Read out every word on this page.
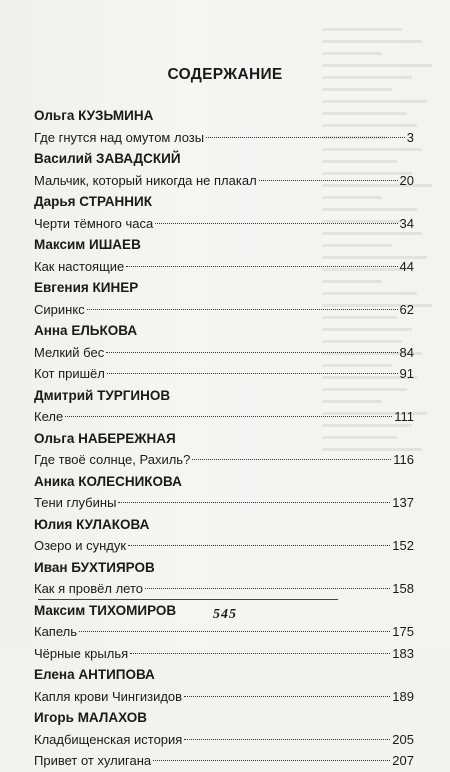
СОДЕРЖАНИЕ
Ольга КУЗЬМИНА
Где гнутся над омутом лозы	3
Василий ЗАВАДСКИЙ
Мальчик, который никогда не плакал	20
Дарья СТРАННИК
Черти тёмного часа	34
Максим ИШАЕВ
Как настоящие	44
Евгения КИНЕР
Сиринкс	62
Анна ЕЛЬКОВА
Мелкий бес	84
Кот пришёл	91
Дмитрий ТУРГИНОВ
Келе	111
Ольга НАБЕРЕЖНАЯ
Где твоё солнце, Рахиль?	116
Аника КОЛЕСНИКОВА
Тени глубины	137
Юлия КУЛАКОВА
Озеро и сундук	152
Иван БУХТИЯРОВ
Как я провёл лето	158
Максим ТИХОМИРОВ
Капель	175
Чёрные крылья	183
Елена АНТИПОВА
Капля крови Чингизидов	189
Игорь МАЛАХОВ
Кладбищенская история	205
Привет от хулигана	207
545
